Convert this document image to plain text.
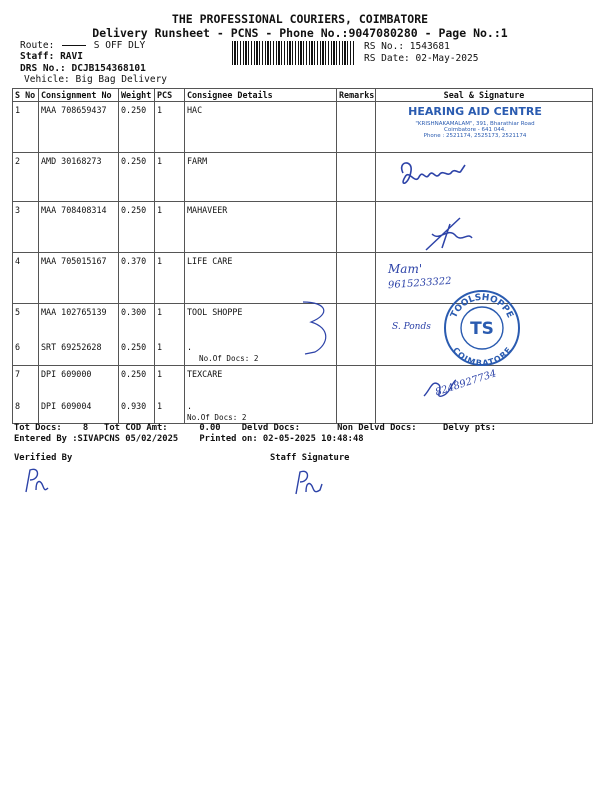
THE PROFESSIONAL COURIERS, COIMBATORE
Delivery Runsheet - PCNS - Phone No.:9047080280 - Page No.:1
Route:	S OFF DLY
Staff: RAVI
DRS No.: DCJB154368101
Vehicle: Big Bag Delivery
RS No.: 1543681
RS Date: 02-May-2025
S No	Consignment No	Weight	PCS	Consignee Details	Remarks	Seal & Signature
1	MAA 708659437	0.250	1	HAC		
2	AMD 30168273	0.250	1	FARM		
3	MAA 708408314	0.250	1	MAHAVEER		
4	MAA 705015167	0.370	1	LIFE CARE		
5	MAA 102765139	0.300	1	TOOL SHOPPE		
6	SRT 69252628	0.250	1	.
No.Of Docs: 2		

7	DPI 609000	0.250	1	TEXCARE		
8	DPI 609004	0.930	1	.
No.Of Docs: 2		

HEARING AID CENTRE
"KRISHNAKAMALAM", 391, Bharathiar Road
Coimbatore - 641 044.
Phone : 2521174, 2525173, 2521174
Mam'
9615233322
S. Ponds
8248927734
TOOLSHOPPE
COIMBATORE
TS
Tot Docs: 8 Tot COD Amt:	0.00 Delvd Docs:	Non Delvd Docs:	Delvy pts:
Entered By :SIVAPCNS 05/02/2025 Printed on: 02-05-2025 10:48:48
Verified By	Staff Signature
